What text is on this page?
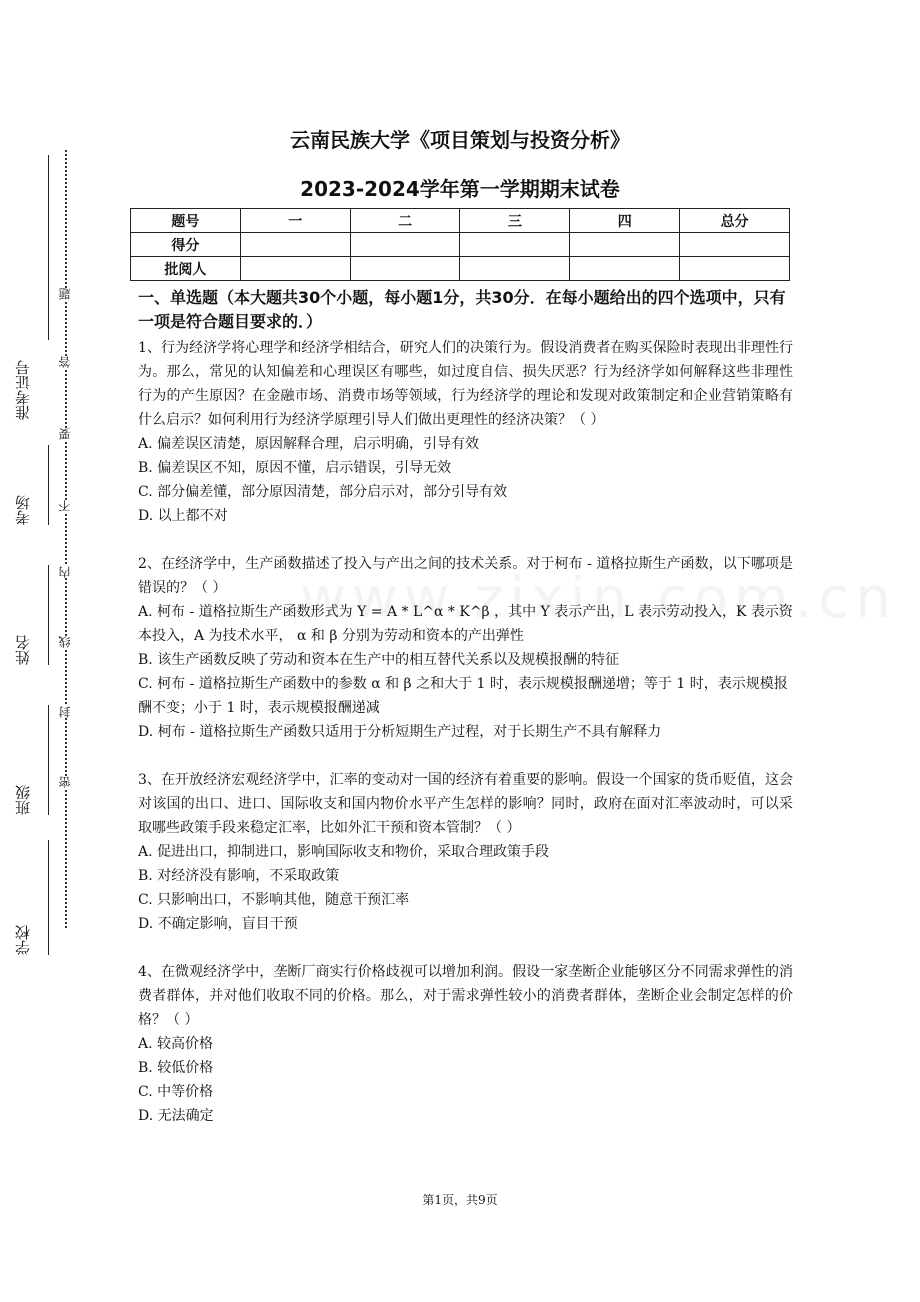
准考证号
考场
姓名
班级
学校
题
答
要
不
内
线
封
密
云南民族大学《项目策划与投资分析》
2023-2024学年第一学期期末试卷
题号	一	二	三	四	总分
得分					
批阅人					
一、单选题（本大题共30个小题，每小题1分，共30分．在每小题给出的四个选项中，只有一项是符合题目要求的．）
1、行为经济学将心理学和经济学相结合，研究人们的决策行为。假设消费者在购买保险时表现出非理性行为。那么，常见的认知偏差和心理误区有哪些，如过度自信、损失厌恶？行为经济学如何解释这些非理性行为的产生原因？在金融市场、消费市场等领域，行为经济学的理论和发现对政策制定和企业营销策略有什么启示？如何利用行为经济学原理引导人们做出更理性的经济决策？（ ）
A. 偏差误区清楚，原因解释合理，启示明确，引导有效
B. 偏差误区不知，原因不懂，启示错误，引导无效
C. 部分偏差懂，部分原因清楚，部分启示对，部分引导有效
D. 以上都不对
2、在经济学中，生产函数描述了投入与产出之间的技术关系。对于柯布 - 道格拉斯生产函数，以下哪项是错误的？（ ）
A. 柯布 - 道格拉斯生产函数形式为 Y = A * L^α * K^β ，其中 Y 表示产出，L 表示劳动投入，K 表示资本投入，A 为技术水平， α 和 β 分别为劳动和资本的产出弹性
B. 该生产函数反映了劳动和资本在生产中的相互替代关系以及规模报酬的特征
C. 柯布 - 道格拉斯生产函数中的参数 α 和 β 之和大于 1 时，表示规模报酬递增；等于 1 时，表示规模报酬不变；小于 1 时，表示规模报酬递减
D. 柯布 - 道格拉斯生产函数只适用于分析短期生产过程，对于长期生产不具有解释力
3、在开放经济宏观经济学中，汇率的变动对一国的经济有着重要的影响。假设一个国家的货币贬值，这会对该国的出口、进口、国际收支和国内物价水平产生怎样的影响？同时，政府在面对汇率波动时，可以采取哪些政策手段来稳定汇率，比如外汇干预和资本管制？（ ）
A. 促进出口，抑制进口，影响国际收支和物价，采取合理政策手段
B. 对经济没有影响，不采取政策
C. 只影响出口，不影响其他，随意干预汇率
D. 不确定影响，盲目干预
4、在微观经济学中，垄断厂商实行价格歧视可以增加利润。假设一家垄断企业能够区分不同需求弹性的消费者群体，并对他们收取不同的价格。那么，对于需求弹性较小的消费者群体，垄断企业会制定怎样的价格？（ ）
A. 较高价格
B. 较低价格
C. 中等价格
D. 无法确定
第1页，共9页
